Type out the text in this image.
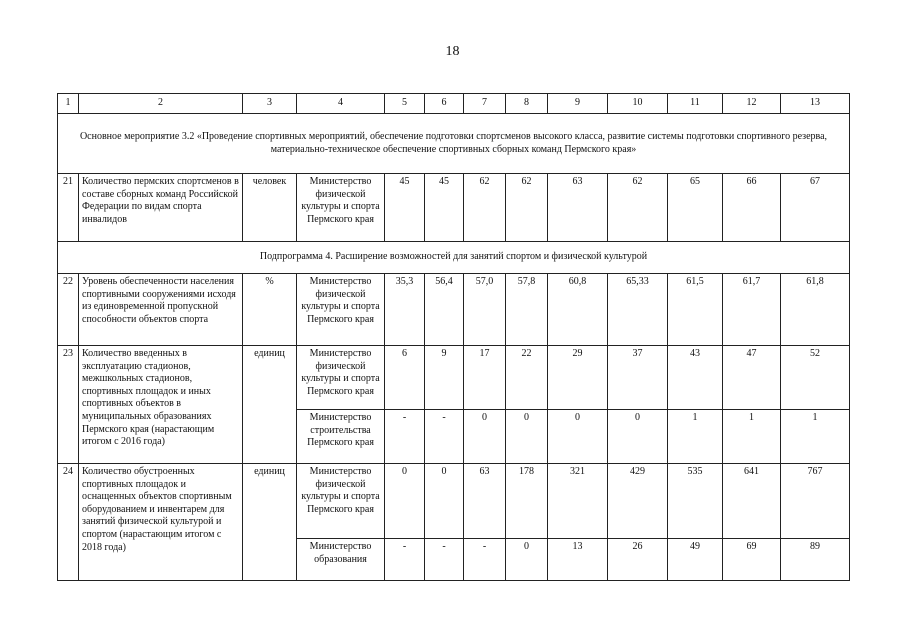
18
1	2	3	4	5	6	7	8	9	10	11	12	13
Основное мероприятие 3.2 «Проведение спортивных мероприятий, обеспечение подготовки спортсменов высокого класса, развитие системы подготовки спортивного резерва, материально-техническое обеспечение спортивных сборных команд Пермского края»												
21	Количество пермских спортсменов в составе сборных команд Российской Федерации по видам спорта инвалидов	человек	Министерство физической культуры и спорта Пермского края	45	45	62	62	63	62	65	66	67
Подпрограмма 4. Расширение возможностей для занятий спортом и физической культурой												
22	Уровень обеспеченности населения спортивными сооружениями исходя из единовременной пропускной способности объектов спорта	%	Министерство физической культуры и спорта Пермского края	35,3	56,4	57,0	57,8	60,8	65,33	61,5	61,7	61,8
23	Количество введенных в эксплуатацию стадионов, межшкольных стадионов, спортивных площадок и иных спортивных объектов в муниципальных образованиях Пермского края (нарастающим итогом с 2016 года)	единиц	Министерство физической культуры и спорта Пермского края	6	9	17	22	29	37	43	47	52
			Министерство строительства Пермского края	-	-	0	0	0	0	1	1	1
24	Количество обустроенных спортивных площадок и оснащенных объектов спортивным оборудованием и инвентарем для занятий физической культурой и спортом (нарастающим итогом с 2018 года)	единиц	Министерство физической культуры и спорта Пермского края	0	0	63	178	321	429	535	641	767
			Министерство образования	-	-	-	0	13	26	49	69	89
